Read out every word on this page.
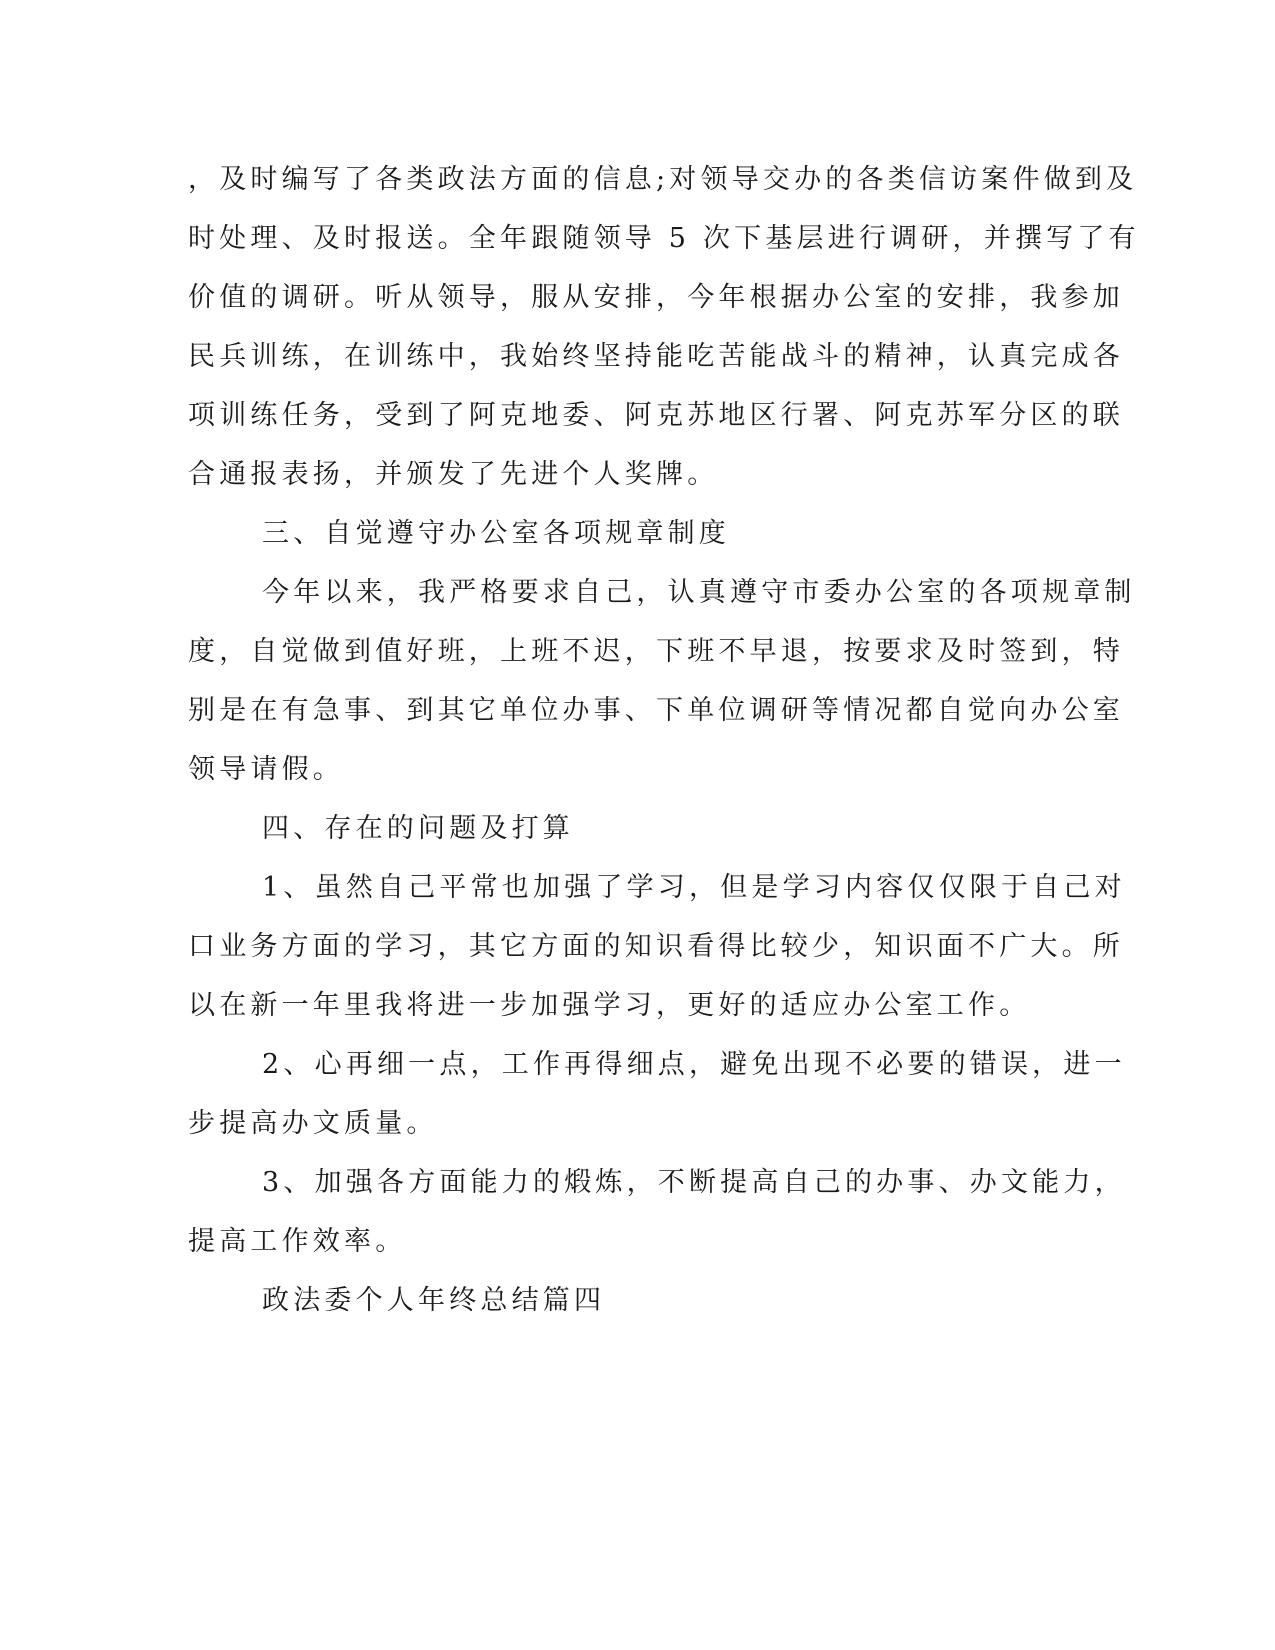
，及时编写了各类政法方面的信息;对领导交办的各类信访案件做到及
时处理、及时报送。全年跟随领导 5 次下基层进行调研，并撰写了有
价值的调研。听从领导，服从安排，今年根据办公室的安排，我参加
民兵训练，在训练中，我始终坚持能吃苦能战斗的精神，认真完成各
项训练任务，受到了阿克地委、阿克苏地区行署、阿克苏军分区的联
合通报表扬，并颁发了先进个人奖牌。
三、自觉遵守办公室各项规章制度
今年以来，我严格要求自己，认真遵守市委办公室的各项规章制
度，自觉做到值好班，上班不迟，下班不早退，按要求及时签到，特
别是在有急事、到其它单位办事、下单位调研等情况都自觉向办公室
领导请假。
四、存在的问题及打算
1、虽然自己平常也加强了学习，但是学习内容仅仅限于自己对
口业务方面的学习，其它方面的知识看得比较少，知识面不广大。所
以在新一年里我将进一步加强学习，更好的适应办公室工作。
2、心再细一点，工作再得细点，避免出现不必要的错误，进一
步提高办文质量。
3、加强各方面能力的煅炼，不断提高自己的办事、办文能力，
提高工作效率。
政法委个人年终总结篇四
